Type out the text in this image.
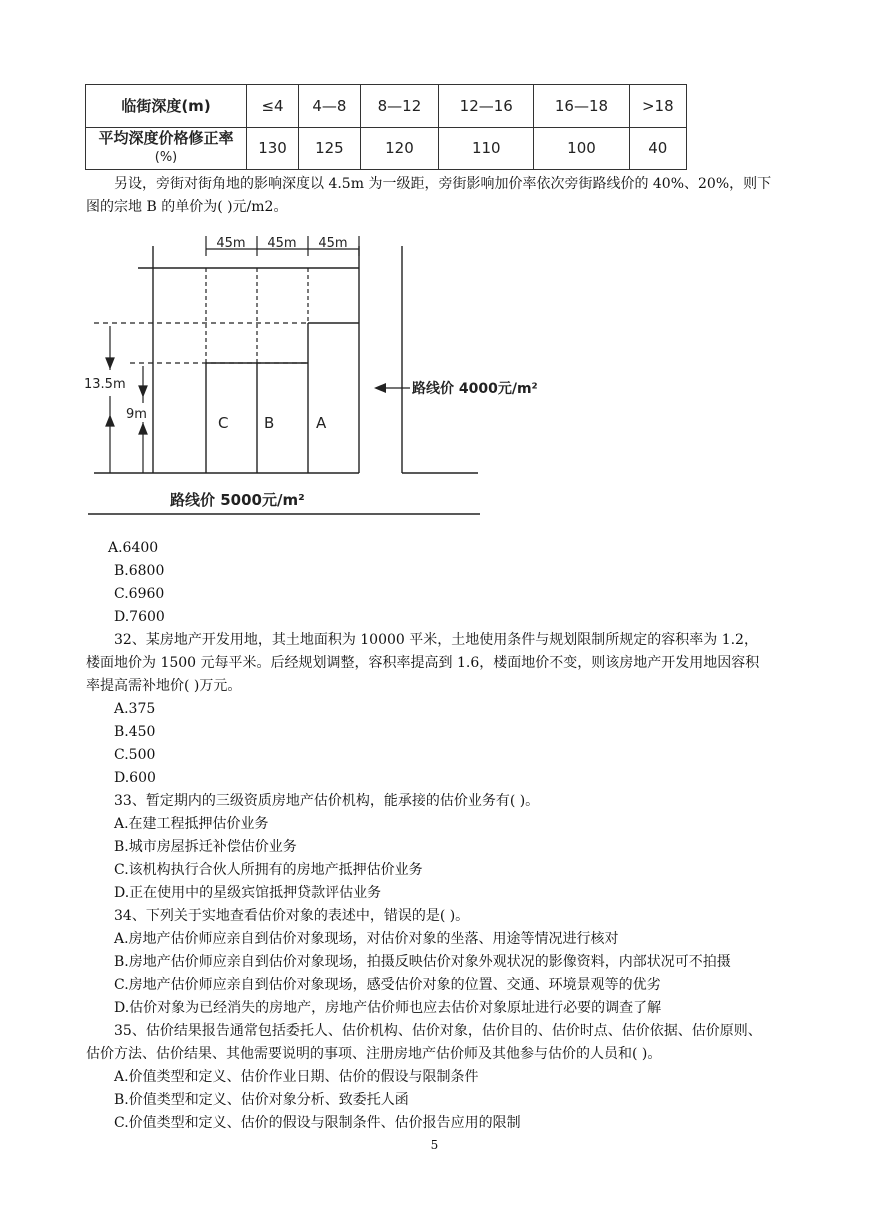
临街深度(m)	≤4	4—8	8—12	12—16	16—18	>18
平均深度价格修正率
(%)	130	125	120	110	100	40
另设，旁街对街角地的影响深度以 4.5m 为一级距，旁街影响加价率依次旁街路线价的 40%、20%，则下
图的宗地 B 的单价为( )元/m2。
45m 45m 45m
13.5m
9m	C B	A
路线价 4000元/m²
路线价 5000元/m²
A.6400
B.6800
C.6960
D.7600
32、某房地产开发用地，其土地面积为 10000 平米，土地使用条件与规划限制所规定的容积率为 1.2，
楼面地价为 1500 元每平米。后经规划调整，容积率提高到 1.6，楼面地价不变，则该房地产开发用地因容积
率提高需补地价( )万元。
A.375
B.450
C.500
D.600
33、暂定期内的三级资质房地产估价机构，能承接的估价业务有( )。
A.在建工程抵押估价业务
B.城市房屋拆迁补偿估价业务
C.该机构执行合伙人所拥有的房地产抵押估价业务
D.正在使用中的星级宾馆抵押贷款评估业务
34、下列关于实地查看估价对象的表述中，错误的是( )。
A.房地产估价师应亲自到估价对象现场，对估价对象的坐落、用途等情况进行核对
B.房地产估价师应亲自到估价对象现场，拍摄反映估价对象外观状况的影像资料，内部状况可不拍摄
C.房地产估价师应亲自到估价对象现场，感受估价对象的位置、交通、环境景观等的优劣
D.估价对象为已经消失的房地产，房地产估价师也应去估价对象原址进行必要的调查了解
35、估价结果报告通常包括委托人、估价机构、估价对象，估价目的、估价时点、估价依据、估价原则、
估价方法、估价结果、其他需要说明的事项、注册房地产估价师及其他参与估价的人员和( )。
A.价值类型和定义、估价作业日期、估价的假设与限制条件
B.价值类型和定义、估价对象分析、致委托人函
C.价值类型和定义、估价的假设与限制条件、估价报告应用的限制
5
